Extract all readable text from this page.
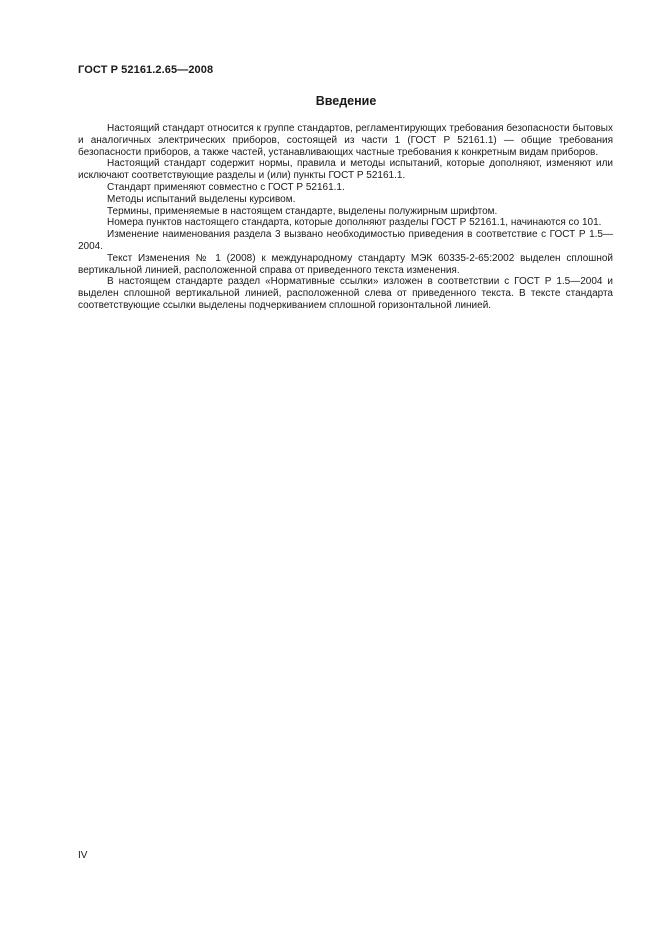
ГОСТ Р 52161.2.65—2008
Введение

Настоящий стандарт относится к группе стандартов, регламентирующих требования безопасности бытовых и аналогичных электрических приборов, состоящей из части 1 (ГОСТ Р 52161.1) — общие требования безопасности приборов, а также частей, устанавливающих частные требования к конкретным видам приборов.

Настоящий стандарт содержит нормы, правила и методы испытаний, которые дополняют, изменяют или исключают соответствующие разделы и (или) пункты ГОСТ Р 52161.1.

Стандарт применяют совместно с ГОСТ Р 52161.1.

Методы испытаний выделены курсивом.

Термины, применяемые в настоящем стандарте, выделены полужирным шрифтом.

Номера пунктов настоящего стандарта, которые дополняют разделы ГОСТ Р 52161.1, начинаются со 101.

Изменение наименования раздела 3 вызвано необходимостью приведения в соответствие с ГОСТ Р 1.5—2004.

Текст Изменения № 1 (2008) к международному стандарту МЭК 60335-2-65:2002 выделен сплошной вертикальной линией, расположенной справа от приведенного текста изменения.

В настоящем стандарте раздел «Нормативные ссылки» изложен в соответствии с ГОСТ Р 1.5—2004 и выделен сплошной вертикальной линией, расположенной слева от приведенного текста. В тексте стандарта соответствующие ссылки выделены подчеркиванием сплошной горизонтальной линией.

IV
